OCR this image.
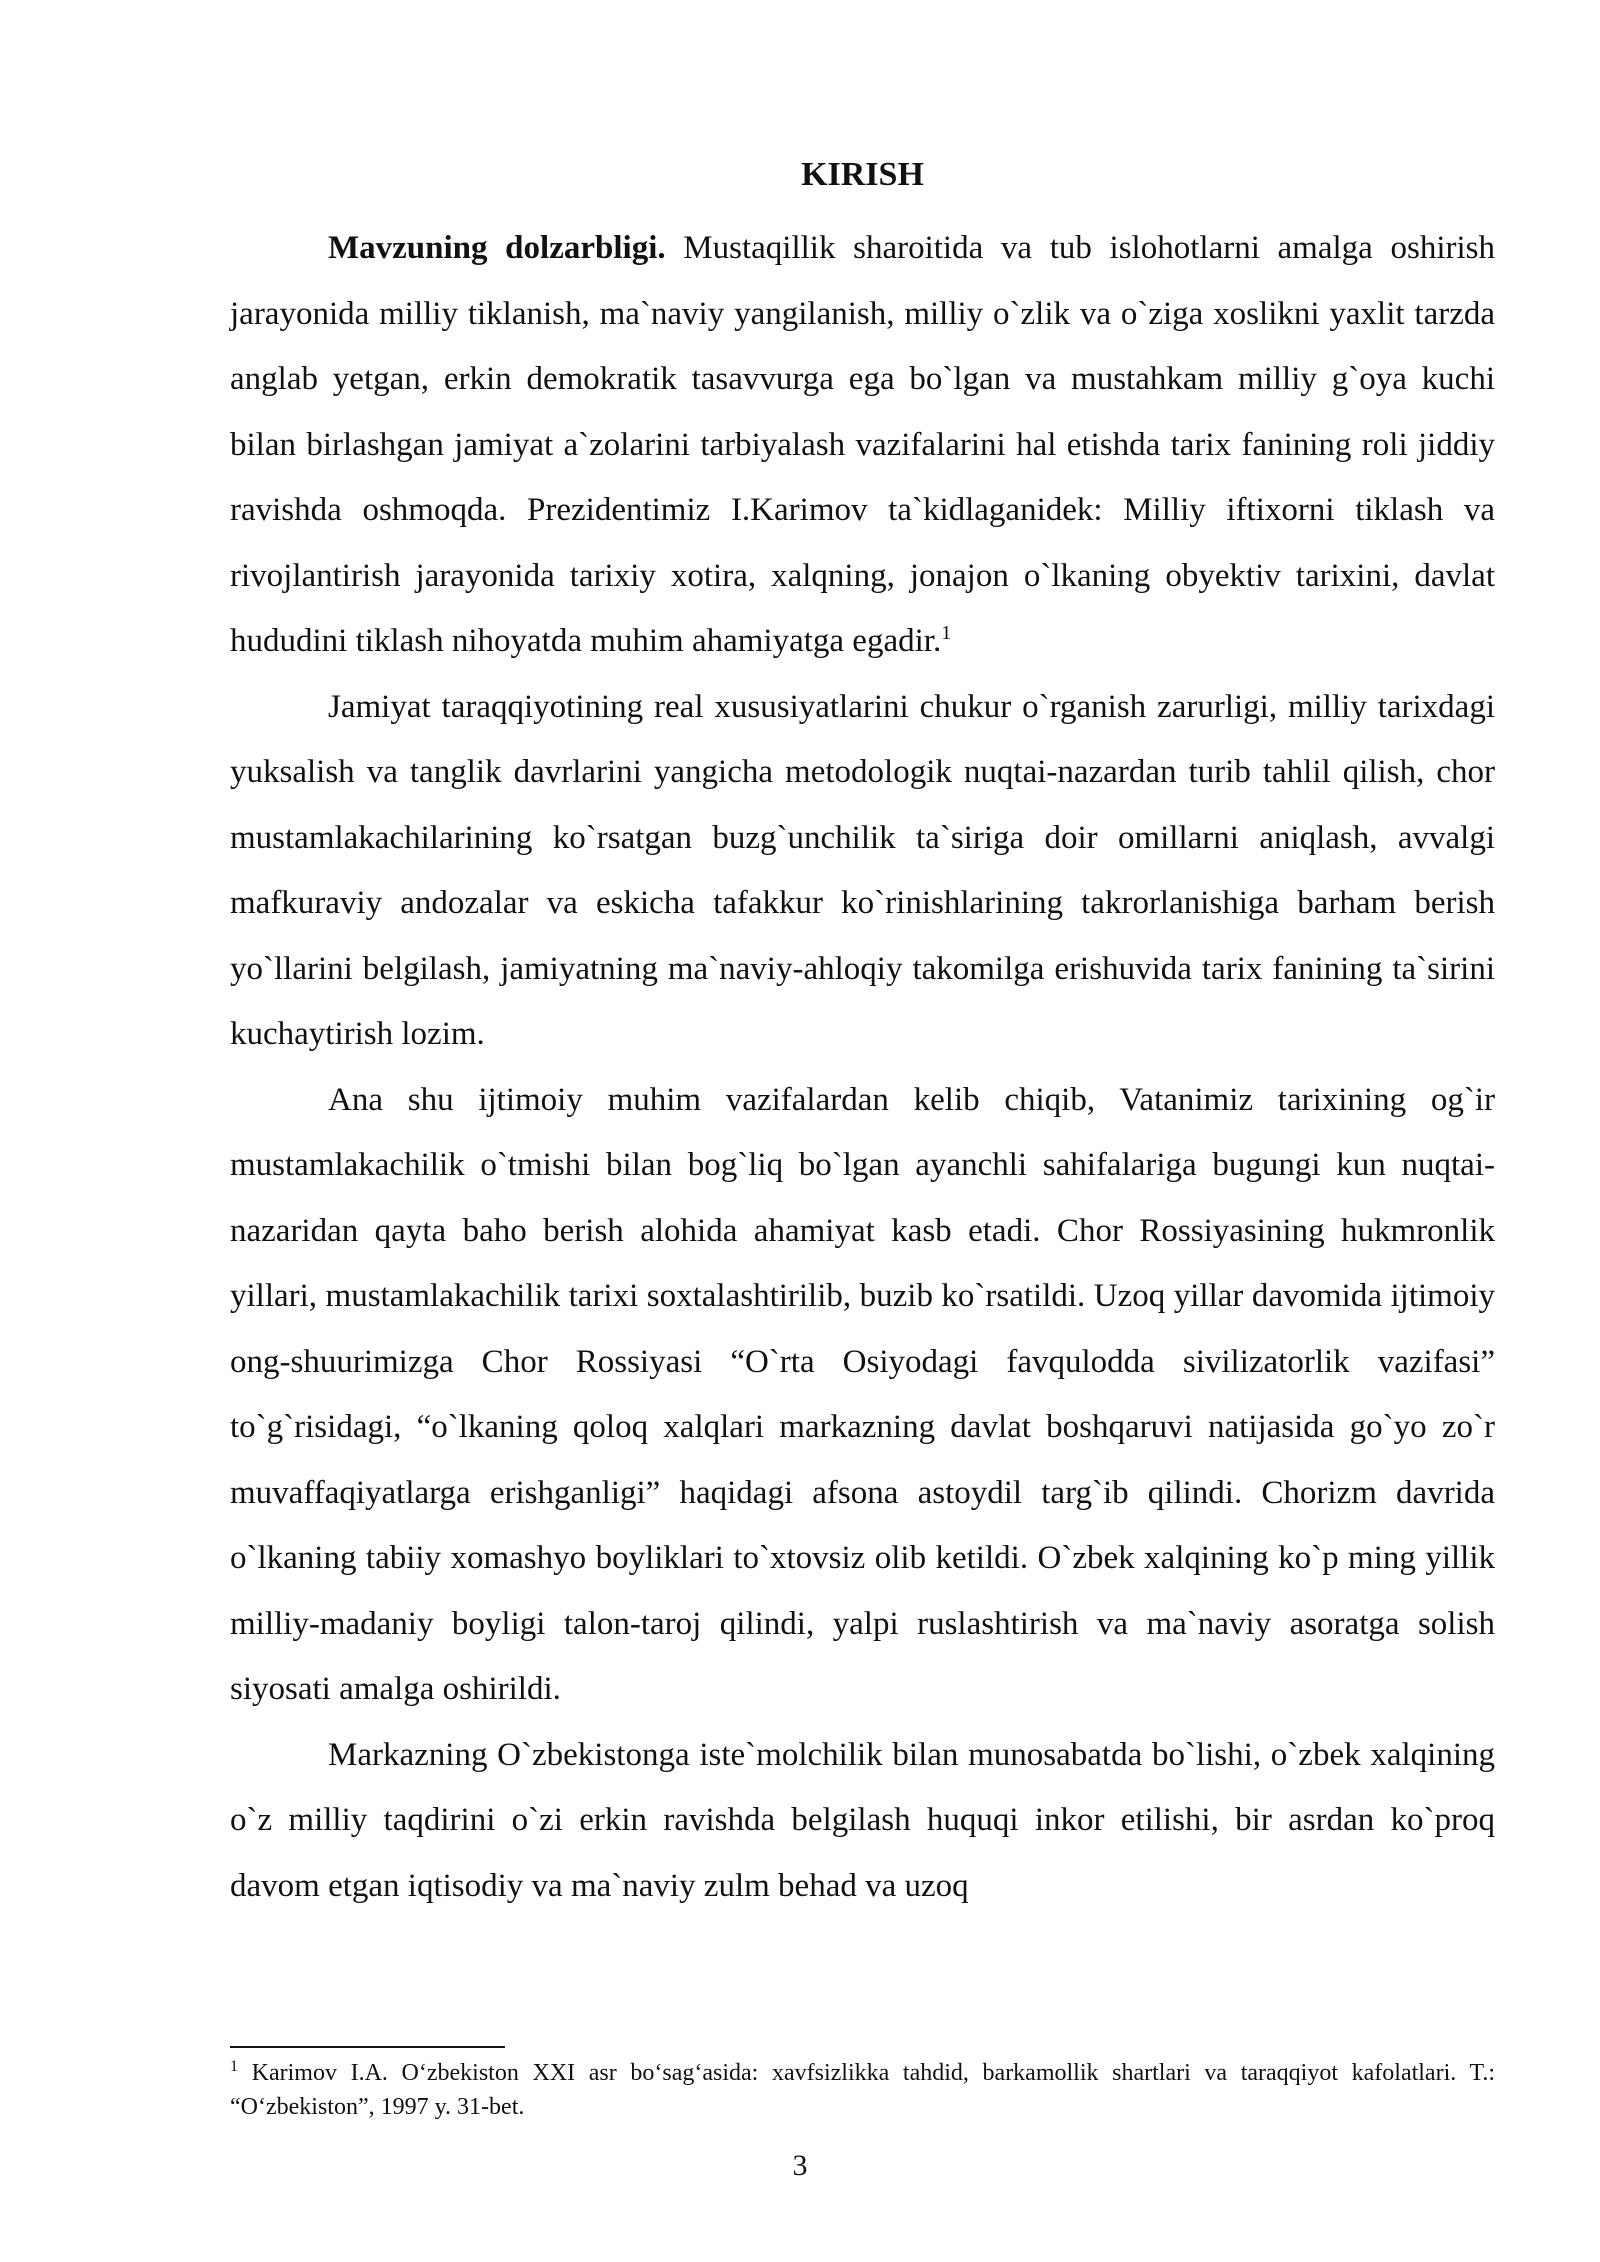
KIRISH

Mavzuning dolzarbligi. Mustaqillik sharoitida va tub islohotlarni amalga oshirish jarayonida milliy tiklanish, ma`naviy yangilanish, milliy o`zlik va o`ziga xoslikni yaxlit tarzda anglab yetgan, erkin demokratik tasavvurga ega bo`lgan va mustahkam milliy g`oya kuchi bilan birlashgan jamiyat a`zolarini tarbiyalash vazifalarini hal etishda tarix fanining roli jiddiy ravishda oshmoqda. Prezidentimiz I.Karimov ta`kidlaganidek: Milliy iftixorni tiklash va rivojlantirish jarayonida tarixiy xotira, xalqning, jonajon o`lkaning obyektiv tarixini, davlat hududini tiklash nihoyatda muhim ahamiyatga egadir.$^1$

Jamiyat taraqqiyotining real xususiyatlarini chukur o`rganish zarurligi, milliy tarixdagi yuksalish va tanglik davrlarini yangicha metodologik nuqtai-nazardan turib tahlil qilish, chor mustamlakachilarining ko`rsatgan buzg`unchilik ta`siriga doir omillarni aniqlash, avvalgi mafkuraviy andozalar va eskicha tafakkur ko`rinishlarining takrorlanishiga barham berish yo`llarini belgilash, jamiyatning ma`naviy-ahloqiy takomilga erishuvida tarix fanining ta`sirini kuchaytirish lozim.

Ana shu ijtimoiy muhim vazifalardan kelib chiqib, Vatanimiz tarixining og`ir mustamlakachilik o`tmishi bilan bog`liq bo`lgan ayanchli sahifalariga bugungi kun nuqtai-nazaridan qayta baho berish alohida ahamiyat kasb etadi. Chor Rossiyasining hukmronlik yillari, mustamlakachilik tarixi soxtalashtirilib, buzib ko`rsatildi. Uzoq yillar davomida ijtimoiy ong-shuurimizga Chor Rossiyasi “O`rta Osiyodagi favqulodda sivilizatorlik vazifasi” to`g`risidagi, “o`lkaning qoloq xalqlari markazning davlat boshqaruvi natijasida go`yo zo`r muvaffaqiyatlarga erishganligi” haqidagi afsona astoydil targ`ib qilindi. Chorizm davrida o`lkaning tabiiy xomashyo boyliklari to`xtovsiz olib ketildi. O`zbek xalqining ko`p ming yillik milliy-madaniy boyligi talon-taroj qilindi, yalpi ruslashtirish va ma`naviy asoratga solish siyosati amalga oshirildi.

Markazning O`zbekistonga iste`molchilik bilan munosabatda bo`lishi, o`zbek xalqining o`z milliy taqdirini o`zi erkin ravishda belgilash huquqi inkor etilishi, bir asrdan ko`proq davom etgan iqtisodiy va ma`naviy zulm behad va uzoq

$^1$ Karimov I.A. O‘zbekiston XXI asr bo‘sag‘asida: xavfsizlikka tahdid, barkamollik shartlari va taraqqiyot kafolatlari. T.: “O‘zbekiston”, 1997 y. 31-bet.

3
